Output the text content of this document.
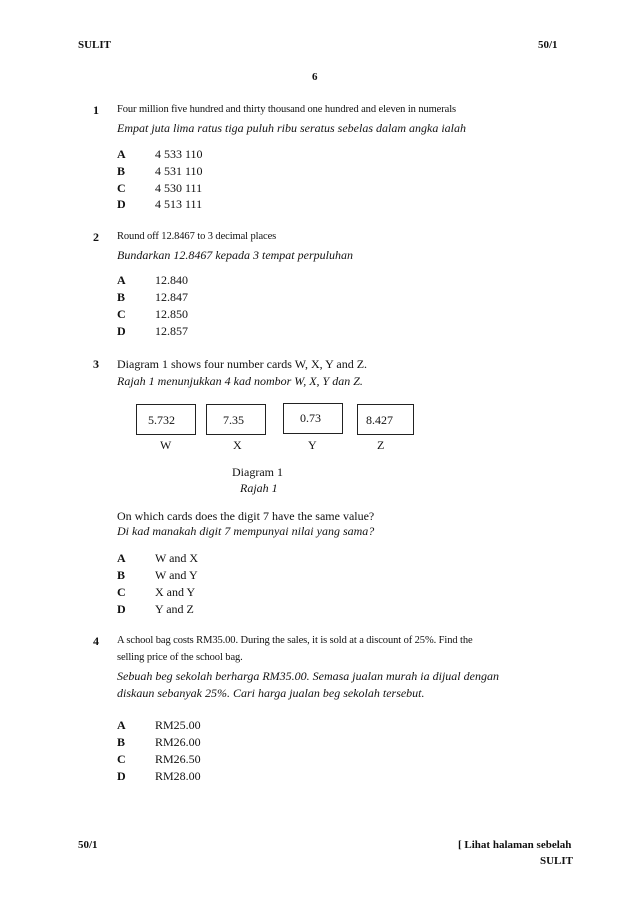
SULIT	50/1
6
1 Four million five hundred and thirty thousand one hundred and eleven in numerals
Empat juta lima ratus tiga puluh ribu seratus sebelas dalam angka ialah
A 4 533 110
B 4 531 110
C 4 530 111
D 4 513 111
2 Round off 12.8467 to 3 decimal places
Bundarkan 12.8467 kepada 3 tempat perpuluhan
A 12.840
B 12.847
C 12.850
D 12.857
3 Diagram 1 shows four number cards W, X, Y and Z.
Rajah 1 menunjukkan 4 kad nombor W, X, Y dan Z.
5.732	7.35	0.73	8.427
W	X	Y	Z
Diagram 1
Rajah 1
On which cards does the digit 7 have the same value?
Di kad manakah digit 7 mempunyai nilai yang sama?
A W and X
B W and Y
C X and Y
D Y and Z
4 A school bag costs RM35.00. During the sales, it is sold at a discount of 25%. Find the
selling price of the school bag.
Sebuah beg sekolah berharga RM35.00. Semasa jualan murah ia dijual dengan
diskaun sebanyak 25%. Cari harga jualan beg sekolah tersebut.
A RM25.00
B RM26.00
C RM26.50
D RM28.00
50/1	[ Lihat halaman sebelah
SULIT
